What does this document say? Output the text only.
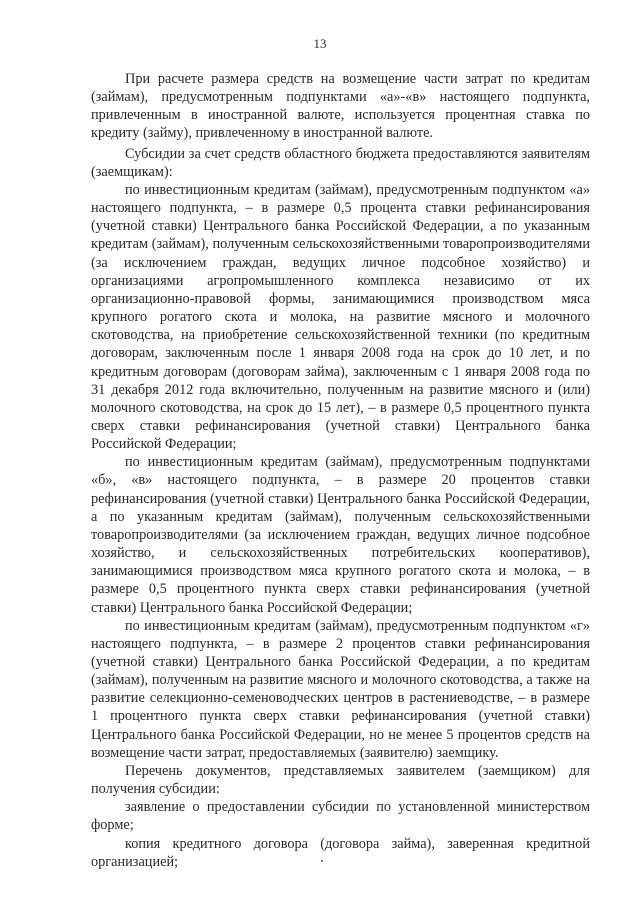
13

При расчете размера средств на возмещение части затрат по кредитам (займам), предусмотренным подпунктами «а»-«в» настоящего подпункта, привлеченным в иностранной валюте, используется процентная ставка по кредиту (займу), привлеченному в иностранной валюте.

Субсидии за счет средств областного бюджета предоставляются заявителям (заемщикам):

по инвестиционным кредитам (займам), предусмотренным подпунктом «а» настоящего подпункта, – в размере 0,5 процента ставки рефинансирования (учетной ставки) Центрального банка Российской Федерации, а по указанным кредитам (займам), полученным сельскохозяйственными товаропроизводителями (за исключением граждан, ведущих личное подсобное хозяйство) и организациями агропромышленного комплекса независимо от их организационно-правовой формы, занимающимися производством мяса крупного рогатого скота и молока, на развитие мясного и молочного скотоводства, на приобретение сельскохозяйственной техники (по кредитным договорам, заключенным после 1 января 2008 года на срок до 10 лет, и по кредитным договорам (договорам займа), заключенным с 1 января 2008 года по 31 декабря 2012 года включительно, полученным на развитие мясного и (или) молочного скотоводства, на срок до 15 лет), – в размере 0,5 процентного пункта сверх ставки рефинансирования (учетной ставки) Центрального банка Российской Федерации;

по инвестиционным кредитам (займам), предусмотренным подпунктами «б», «в» настоящего подпункта, – в размере 20 процентов ставки рефинансирования (учетной ставки) Центрального банка Российской Федерации, а по указанным кредитам (займам), полученным сельскохозяйственными товаропроизводителями (за исключением граждан, ведущих личное подсобное хозяйство, и сельскохозяйственных потребительских кооперативов), занимающимися производством мяса крупного рогатого скота и молока, – в размере 0,5 процентного пункта сверх ставки рефинансирования (учетной ставки) Центрального банка Российской Федерации;

по инвестиционным кредитам (займам), предусмотренным подпунктом «г» настоящего подпункта, – в размере 2 процентов ставки рефинансирования (учетной ставки) Центрального банка Российской Федерации, а по кредитам (займам), полученным на развитие мясного и молочного скотоводства, а также на развитие селекционно-семеноводческих центров в растениеводстве, – в размере 1 процентного пункта сверх ставки рефинансирования (учетной ставки) Центрального банка Российской Федерации, но не менее 5 процентов средств на возмещение части затрат, предоставляемых (заявителю) заемщику.

Перечень документов, представляемых заявителем (заемщиком) для получения субсидии:

заявление о предоставлении субсидии по установленной министерством форме;

копия кредитного договора (договора займа), заверенная кредитной организацией;
